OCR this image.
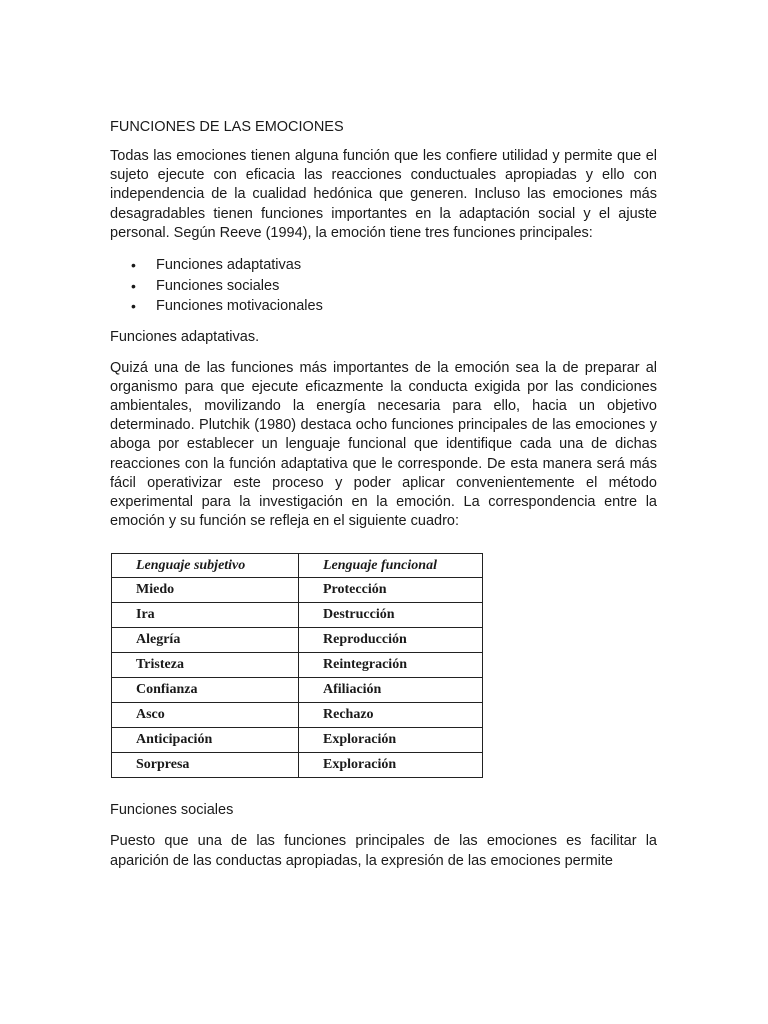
FUNCIONES DE LAS EMOCIONES

Todas las emociones tienen alguna función que les confiere utilidad y permite que el sujeto ejecute con eficacia las reacciones conductuales apropiadas y ello con independencia de la cualidad hedónica que generen. Incluso las emociones más desagradables tienen funciones importantes en la adaptación social y el ajuste personal. Según Reeve (1994), la emoción tiene tres funciones principales:

• Funciones adaptativas
• Funciones sociales
• Funciones motivacionales
Funciones adaptativas.

Quizá una de las funciones más importantes de la emoción sea la de preparar al organismo para que ejecute eficazmente la conducta exigida por las condiciones ambientales, movilizando la energía necesaria para ello, hacia un objetivo determinado. Plutchik (1980) destaca ocho funciones principales de las emociones y aboga por establecer un lenguaje funcional que identifique cada una de dichas reacciones con la función adaptativa que le corresponde. De esta manera será más fácil operativizar este proceso y poder aplicar convenientemente el método experimental para la investigación en la emoción. La correspondencia entre la emoción y su función se refleja en el siguiente cuadro:

Lenguaje subjetivo	Lenguaje funcional
Miedo	Protección
Ira	Destrucción
Alegría	Reproducción
Tristeza	Reintegración
Confianza	Afiliación
Asco	Rechazo
Anticipación	Exploración
Sorpresa	Exploración
Funciones sociales

Puesto que una de las funciones principales de las emociones es facilitar la aparición de las conductas apropiadas, la expresión de las emociones permite
